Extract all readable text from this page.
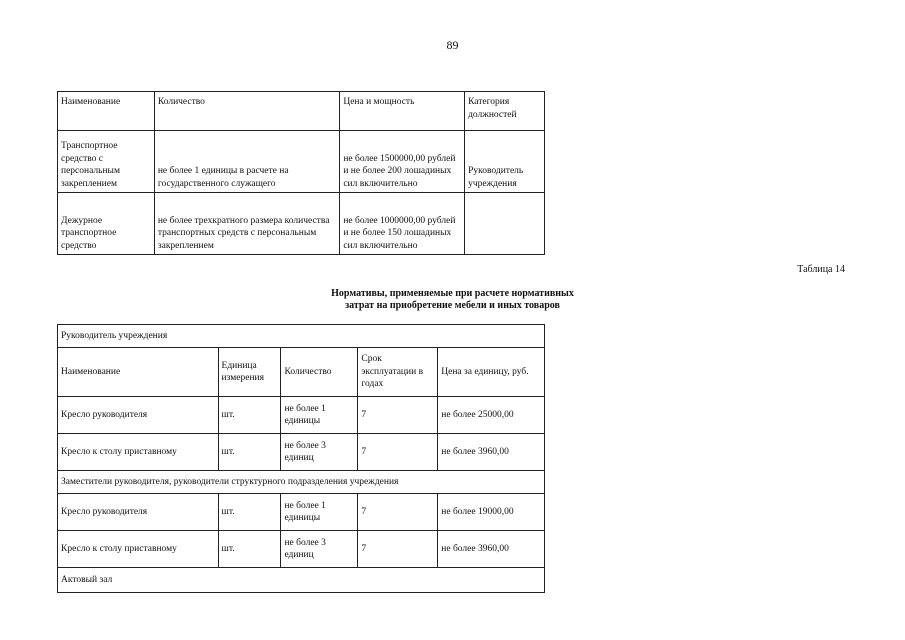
89
Наименование	Количество	Цена и мощность	Категория должностей
Транспортное средство с персональным закреплением	не более 1 единицы в расчете на государственного служащего	не более 1500000,00 рублей и не более 200 лошадиных сил включительно	Руководитель учреждения
Дежурное транспортное средство	не более трехкратного размера количества транспортных средств с персональным закреплением	не более 1000000,00 рублей и не более 150 лошадиных сил включительно	
Таблица 14
Нормативы, применяемые при расчете нормативных
затрат на приобретение мебели и иных товаров
Руководитель учреждения				
Наименование	Единица измерения	Количество	Срок эксплуатации в годах	Цена за единицу, руб.
Кресло руководителя	шт.	не более 1 единицы	7	не более 25000,00
Кресло к столу приставному	шт.	не более 3 единиц	7	не более 3960,00
Заместители руководителя, руководители структурного подразделения учреждения				
Кресло руководителя	шт.	не более 1 единицы	7	не более 19000,00
Кресло к столу приставному	шт.	не более 3 единиц	7	не более 3960,00
Актовый зал				
